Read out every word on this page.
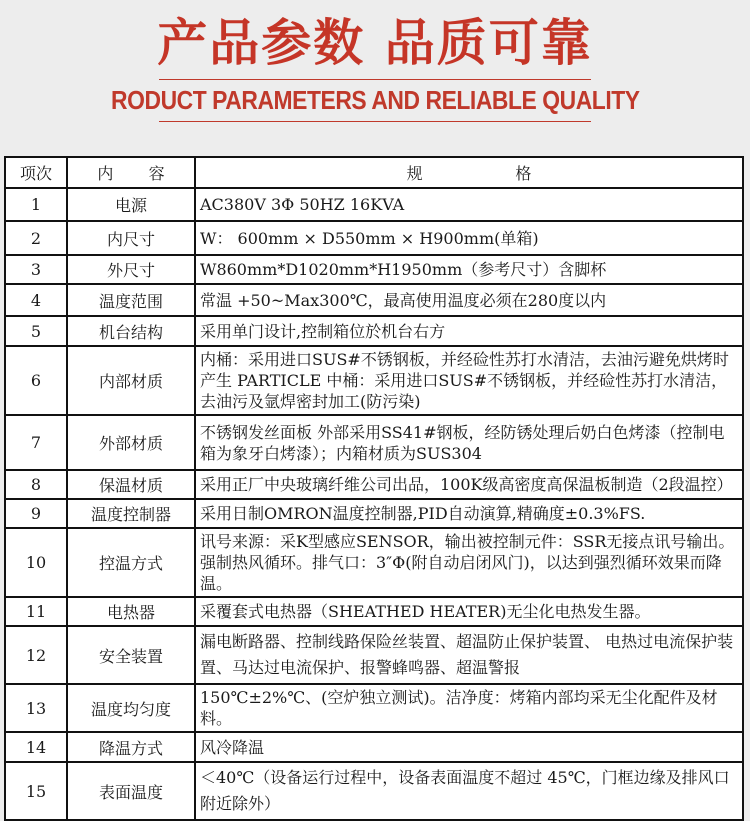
产品参数 品质可靠
RODUCT PARAMETERS AND RELIABLE QUALITY
项次	内容	规格
1	电源	AC380V 3Φ 50HZ 16KVA
2	内尺寸	W： 600mm × D550mm × H900mm(单箱)
3	外尺寸	W860mm*D1020mm*H1950mm（参考尺寸）含脚杯
4	温度范围	常温 +50~Max300℃，最高使用温度必须在280度以内
5	机台结构	采用单门设计,控制箱位於机台右方
6	内部材质	内桶：采用进口SUS#不锈钢板，并经硷性苏打水清洁，去油污避免烘烤时产生 PARTICLE 中桶：采用进口SUS#不锈钢板，并经硷性苏打水清洁，去油污及氩焊密封加工(防污染)
7	外部材质	不锈钢发丝面板 外部采用SS41#钢板，经防锈处理后奶白色烤漆（控制电箱为象牙白烤漆）；内箱材质为SUS304
8	保温材质	采用正厂中央玻璃纤维公司出品，100K级高密度高保温板制造（2段温控）
9	温度控制器	采用日制OMRON温度控制器,PID自动演算,精确度±0.3%FS.
10	控温方式	讯号来源：采K型感应SENSOR，输出被控制元件：SSR无接点讯号输出。 强制热风循环。排气口：3″Φ(附自动启闭风门)，以达到强烈循环效果而降温。
11	电热器	采覆套式电热器（SHEATHED HEATER)无尘化电热发生器。
12	安全装置	漏电断路器、控制线路保险丝装置、超温防止保护装置、 电热过电流保护装置、马达过电流保护、报警蜂鸣器、超温警报
13	温度均匀度	150℃±2%℃、(空炉独立测试)。洁净度：烤箱内部均采无尘化配件及材料。
14	降温方式	风冷降温
15	表面温度	＜40℃（设备运行过程中，设备表面温度不超过 45℃，门框边缘及排风口附近除外）
